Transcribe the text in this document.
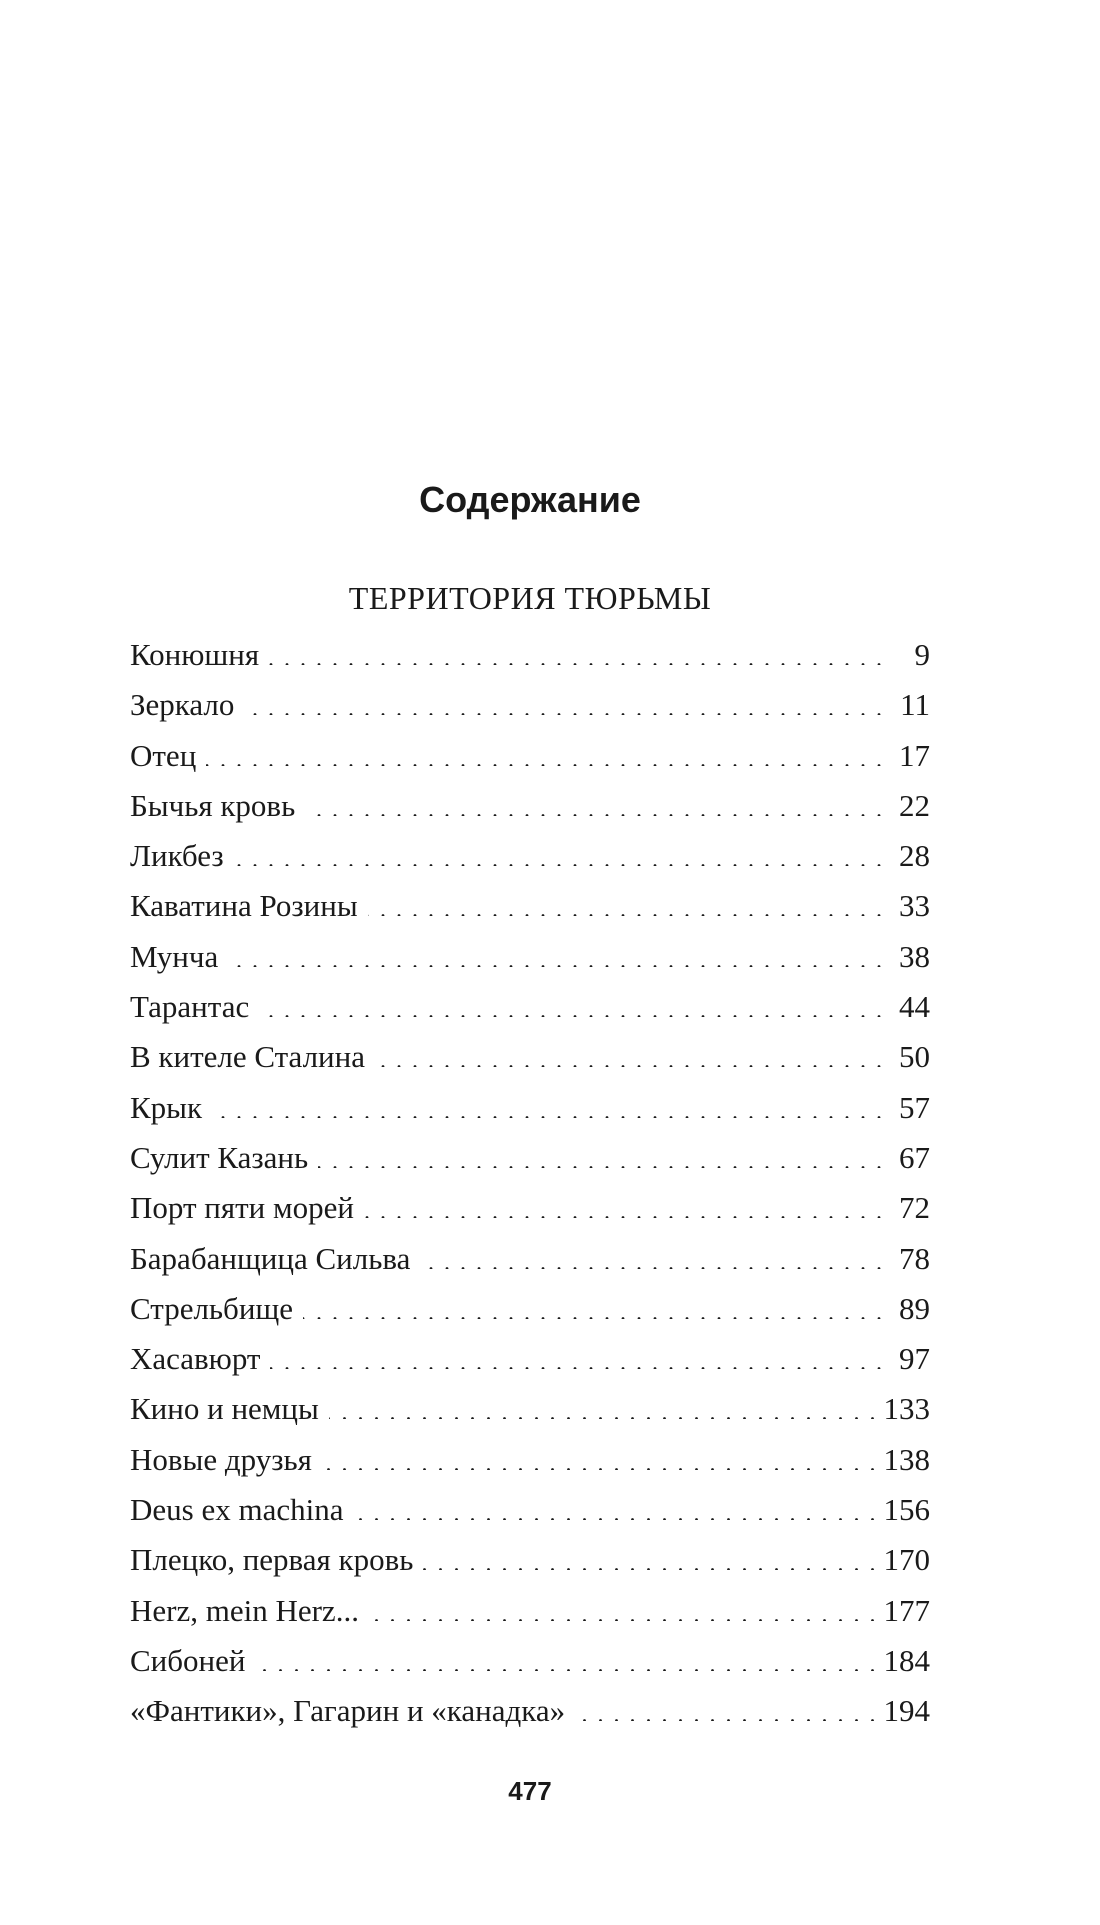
Содержание
ТЕРРИТОРИЯ ТЮРЬМЫ
Конюшня . . .	9
Зеркало . . .	11
Отец . . .	17
Бычья кровь . . .	22
Ликбез . . .	28
Каватина Розины . . .	33
Мунча . . .	38
Тарантас . . .	44
В кителе Сталина . . .	50
Крык . . .	57
Сулит Казань . . .	67
Порт пяти морей . . .	72
Барабанщица Сильва . . .	78
Стрельбище . . .	89
Хасавюрт . . .	97
Кино и немцы . . .	133
Новые друзья . . .	138
Deus ex machina . . .	156
Плецко, первая кровь . . .	170
Herz, mein Herz... . . .	177
Сибоней . . .	184
«Фантики», Гагарин и «канадка» . . .	194
477
